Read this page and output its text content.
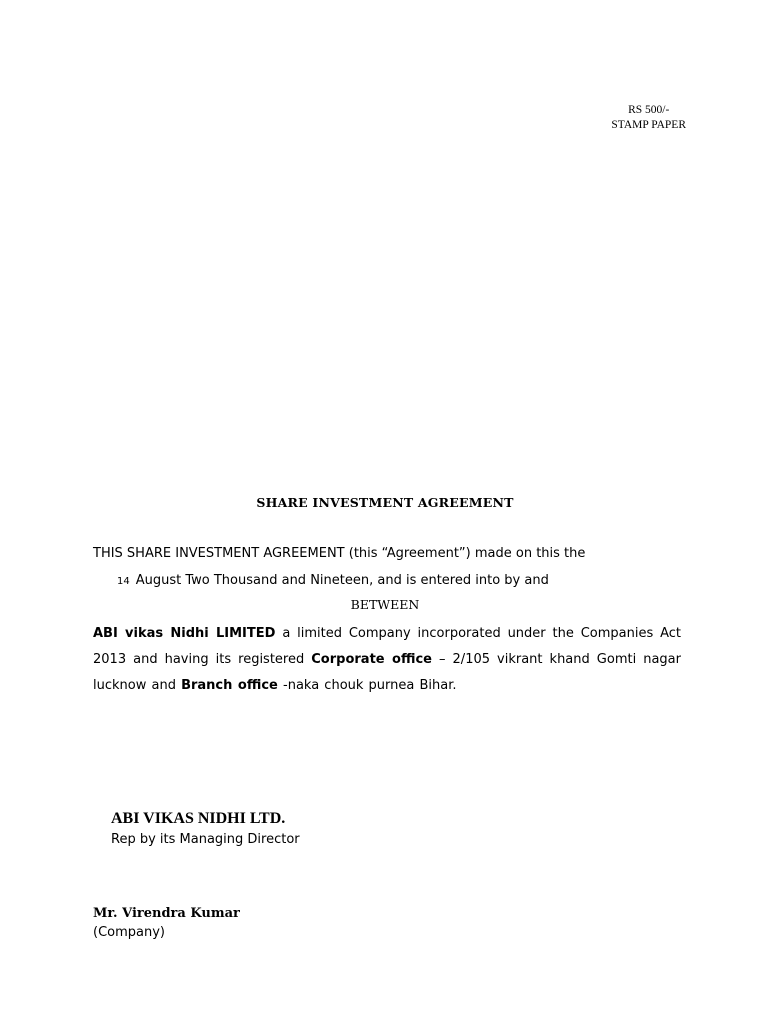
RS 500/-
STAMP PAPER
SHARE INVESTMENT AGREEMENT
THIS SHARE INVESTMENT AGREEMENT (this “Agreement”) made on this the
14 August Two Thousand and Nineteen, and is entered into by and
BETWEEN
ABI vikas Nidhi LIMITED a limited Company incorporated under the Companies Act 2013 and having its registered Corporate office – 2/105 vikrant khand Gomti nagar lucknow and Branch office -naka chouk purnea Bihar.
ABI VIKAS NIDHI LTD.
Rep by its Managing Director
Mr. Virendra Kumar
(Company)
